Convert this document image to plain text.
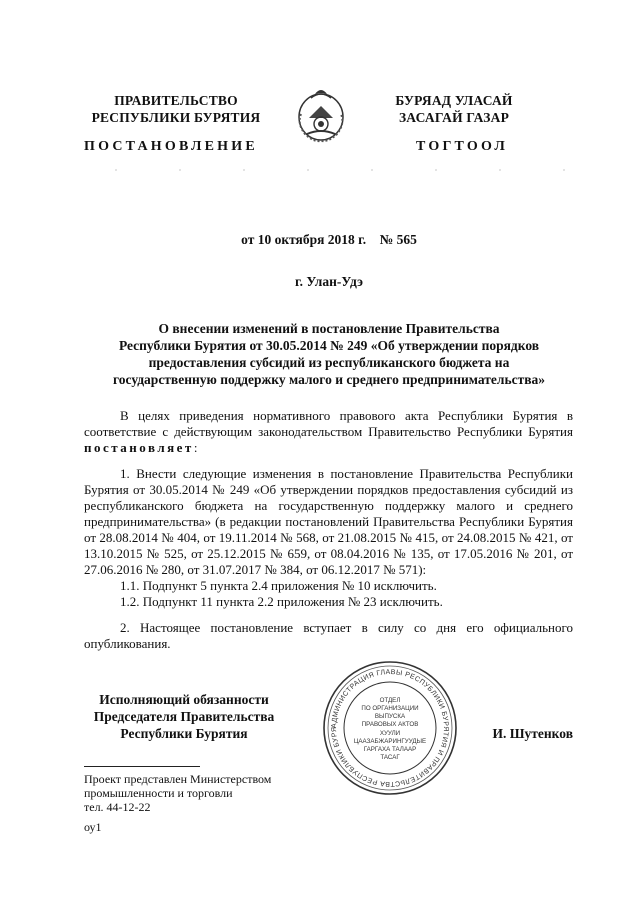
ПРАВИТЕЛЬСТВО
РЕСПУБЛИКИ БУРЯТИЯ
БУРЯАД УЛАСАЙ
ЗАСАГАЙ ГАЗАР
ПОСТАНОВЛЕНИЕ	ТОГТООЛ
от 10 октября 2018 г.    № 565
г. Улан-Удэ
О внесении изменений в постановление Правительства
Республики Бурятия от 30.05.2014 № 249 «Об утверждении порядков
предоставления субсидий из республиканского бюджета на
государственную поддержку малого и среднего предпринимательства»

В целях приведения нормативного правового акта Республики Бурятия в соответствие с действующим законодательством Правительство Республики Бурятия постановляет:

1. Внести следующие изменения в постановление Правительства Республики Бурятия от 30.05.2014 № 249 «Об утверждении порядков предоставления субсидий из республиканского бюджета на государственную поддержку малого и среднего предпринимательства» (в редакции постановлений Правительства Республики Бурятия от 28.08.2014 № 404, от 19.11.2014 № 568, от 21.08.2015 № 415, от 24.08.2015 № 421, от 13.10.2015 № 525, от 25.12.2015 № 659, от 08.04.2016 № 135, от 17.05.2016 № 201, от 27.06.2016 № 280, от 31.07.2017 № 384, от 06.12.2017 № 571):

1.1. Подпункт 5 пункта 2.4 приложения № 10 исключить.

1.2. Подпункт 11 пункта 2.2 приложения № 23 исключить.

2. Настоящее постановление вступает в силу со дня его официального опубликования.

Исполняющий обязанности
Председателя Правительства
Республики Бурятия
АДМИНИСТРАЦИЯ ГЛАВЫ РЕСПУБЛИКИ БУРЯТИЯ И ПРАВИТЕЛЬСТВА РЕСПУБЛИКИ БУРЯ
ОТДЕЛ
ПО ОРГАНИЗАЦИИ
ВЫПУСКА
ПРАВОВЫХ АКТОВ
ХУУЛИ
ЦААЗАБЖАРИНГУУДЫЕ
ГАРГАХА ТАЛААР
ТАСАГ
И. Шутенков
Проект представлен Министерством
промышленности и торговли
тел. 44-12-22
оу1
